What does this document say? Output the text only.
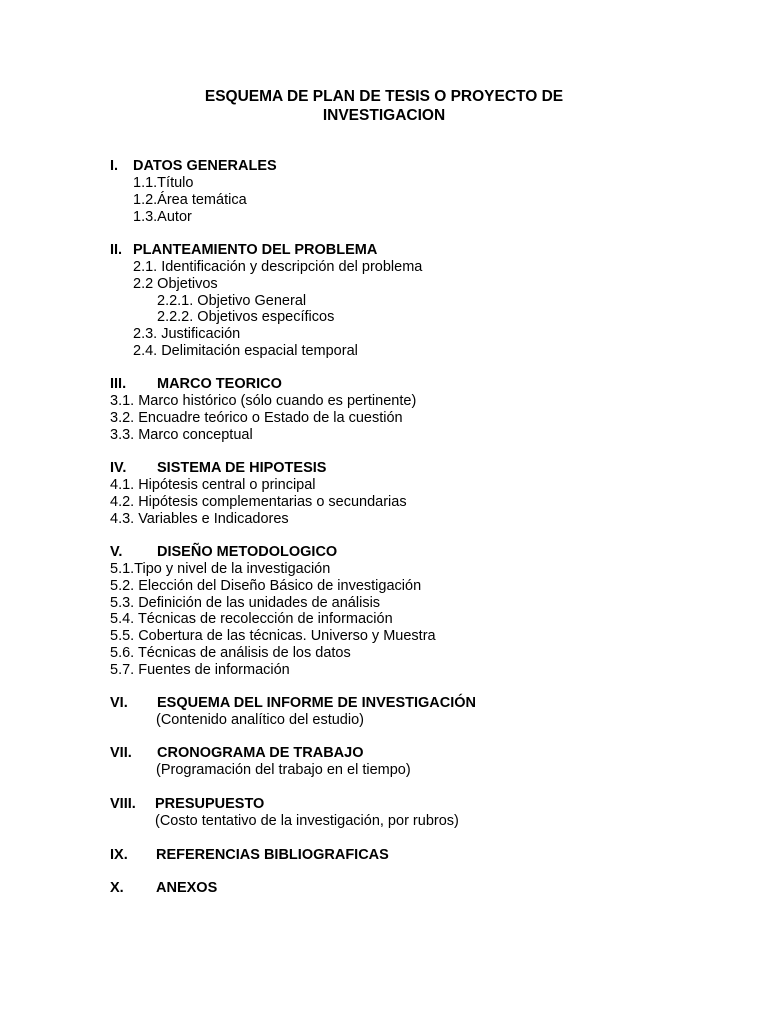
ESQUEMA DE PLAN DE TESIS O PROYECTO DE
INVESTIGACION
I. DATOS GENERALES
1.1.Título
1.2.Área temática
1.3.Autor
II. PLANTEAMIENTO DEL PROBLEMA
2.1. Identificación y descripción del problema
2.2 Objetivos
2.2.1. Objetivo General
2.2.2. Objetivos específicos
2.3. Justificación
2.4. Delimitación espacial temporal
III. MARCO TEORICO
3.1. Marco histórico (sólo cuando es pertinente)
3.2. Encuadre teórico o Estado de la cuestión
3.3. Marco conceptual
IV. SISTEMA DE HIPOTESIS
4.1. Hipótesis central o principal
4.2. Hipótesis complementarias o secundarias
4.3. Variables e Indicadores
V. DISEÑO METODOLOGICO
5.1.Tipo y nivel de la investigación
5.2. Elección del Diseño Básico de investigación
5.3. Definición de las unidades de análisis
5.4. Técnicas de recolección de información
5.5. Cobertura de las técnicas. Universo y Muestra
5.6. Técnicas de análisis de los datos
5.7. Fuentes de información
VI. ESQUEMA DEL INFORME DE INVESTIGACIÓN
(Contenido analítico del estudio)
VII. CRONOGRAMA DE TRABAJO
(Programación del trabajo en el tiempo)
VIII. PRESUPUESTO
(Costo tentativo de la investigación, por rubros)
IX. REFERENCIAS BIBLIOGRAFICAS
X. ANEXOS
